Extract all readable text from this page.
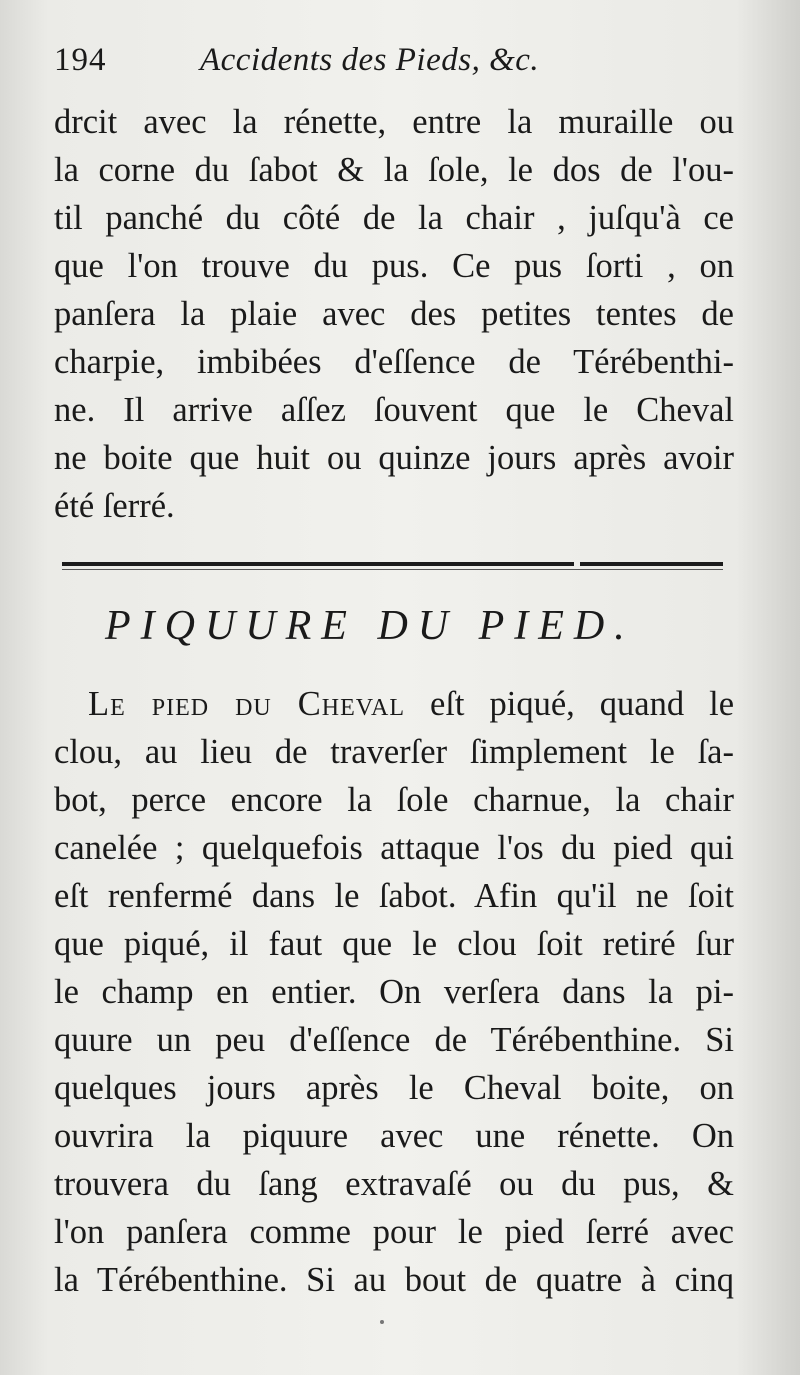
194	Accidents des Pieds, &c.
drcit avec la rénette, entre la muraille ou
la corne du ſabot & la ſole, le dos de l'ou-
til panché du côté de la chair , juſqu'à ce
que l'on trouve du pus. Ce pus ſorti , on
panſera la plaie avec des petites tentes de
charpie, imbibées d'eſſence de Térébenthi-
ne. Il arrive aſſez ſouvent que le Cheval
ne boite que huit ou quinze jours après avoir
été ſerré.
PIQUURE DU PIED.
Le pied du Cheval eſt piqué, quand le
clou, au lieu de traverſer ſimplement le ſa-
bot, perce encore la ſole charnue, la chair
canelée ; quelquefois attaque l'os du pied qui
eſt renfermé dans le ſabot. Afin qu'il ne ſoit
que piqué, il faut que le clou ſoit retiré ſur
le champ en entier. On verſera dans la pi-
quure un peu d'eſſence de Térébenthine. Si
quelques jours après le Cheval boite, on
ouvrira la piquure avec une rénette. On
trouvera du ſang extravaſé ou du pus, &
l'on panſera comme pour le pied ſerré avec
la Térébenthine. Si au bout de quatre à cinq
